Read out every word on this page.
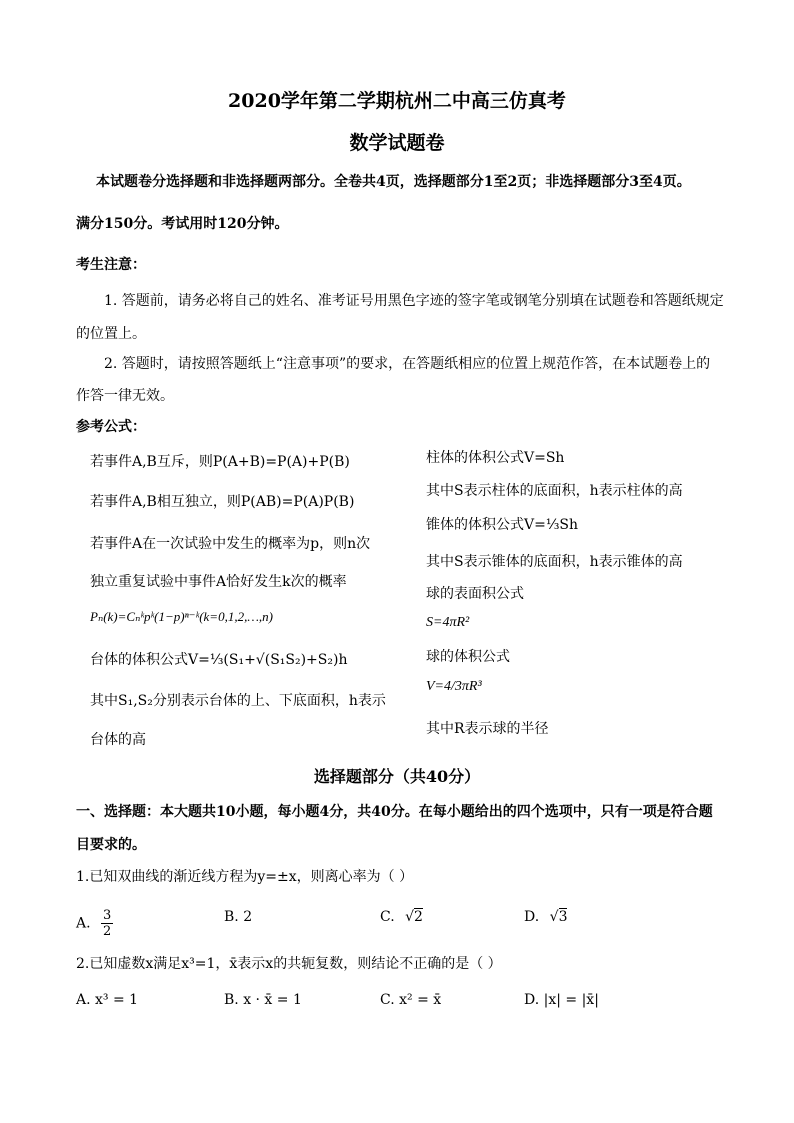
2020学年第二学期杭州二中高三仿真考
数学试题卷
本试题卷分选择题和非选择题两部分。全卷共4页，选择题部分1至2页；非选择题部分3至4页。
满分150分。考试用时120分钟。
考生注意：
1. 答题前，请务必将自己的姓名、准考证号用黑色字迹的签字笔或钢笔分别填在试题卷和答题纸规定
的位置上。
2. 答题时，请按照答题纸上“注意事项”的要求，在答题纸相应的位置上规范作答，在本试题卷上的
作答一律无效。
参考公式：
若事件A,B互斥，则P(A+B)=P(A)+P(B)
若事件A,B相互独立，则P(AB)=P(A)P(B)
若事件A在一次试验中发生的概率为p，则n次
独立重复试验中事件A恰好发生k次的概率
Pₙ(k)=Cₙᵏpᵏ(1−p)ⁿ⁻ᵏ(k=0,1,2,…,n)
台体的体积公式V=⅓(S₁+√(S₁S₂)+S₂)h
其中S₁,S₂分别表示台体的上、下底面积，h表示
台体的高
柱体的体积公式V=Sh
其中S表示柱体的底面积，h表示柱体的高
锥体的体积公式V=⅓Sh
其中S表示锥体的底面积，h表示锥体的高
球的表面积公式
S=4πR²
球的体积公式
V=4/3πR³
其中R表示球的半径
选择题部分（共40分）
一、选择题：本大题共10小题，每小题4分，共40分。在每小题给出的四个选项中，只有一项是符合题
目要求的。
1.已知双曲线的渐近线方程为y=±x，则离心率为（ ）
A. $\frac{3}{2}$	B. 2	C. √2	D. √3
2.已知虚数x满足x³=1，x̄表示x的共轭复数，则结论不正确的是（ ）
A. x³ = 1	B. x · x̄ = 1	C. x² = x̄	D. |x| = |x̄|
